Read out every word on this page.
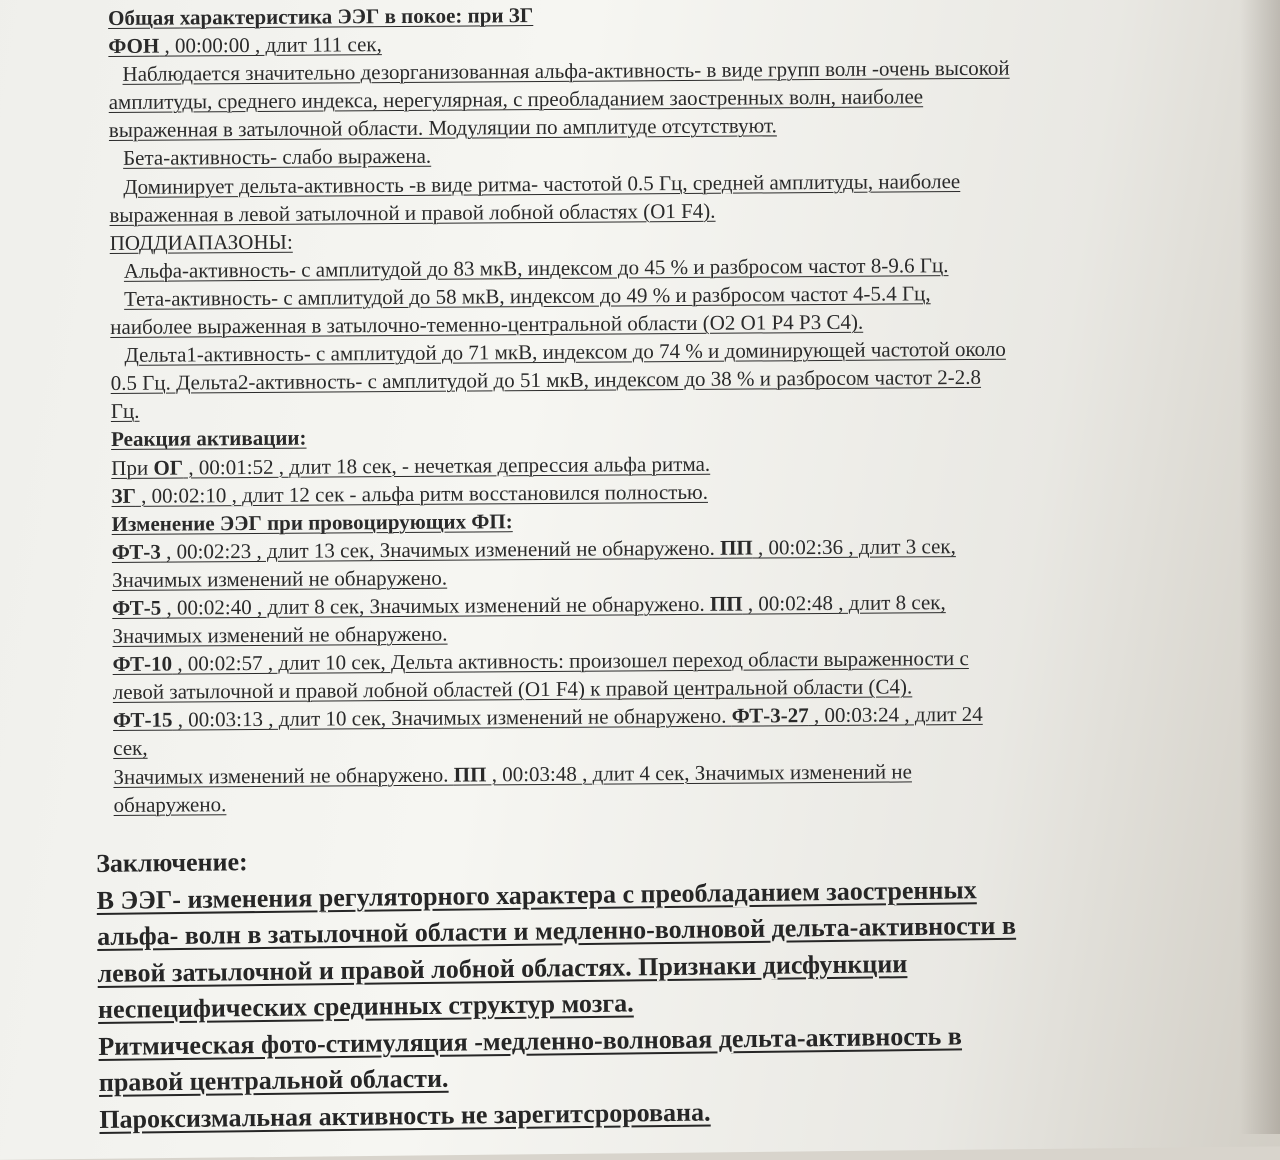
Общая характеристика ЭЭГ в покое: при ЗГ
ФОН , 00:00:00 , длит 111 сек,
Наблюдается значительно дезорганизованная альфа-активность- в виде групп волн -очень высокой
амплитуды, среднего индекса, нерегулярная, с преобладанием заостренных волн, наиболее
выраженная в затылочной области. Модуляции по амплитуде отсутствуют.
Бета-активность- слабо выражена.
Доминирует дельта-активность -в виде ритма- частотой 0.5 Гц, средней амплитуды, наиболее
выраженная в левой затылочной и правой лобной областях (O1 F4).
ПОДДИАПАЗОНЫ:
Альфа-активность- с амплитудой до 83 мкВ, индексом до 45 % и разбросом частот 8-9.6 Гц.
Тета-активность- с амплитудой до 58 мкВ, индексом до 49 % и разбросом частот 4-5.4 Гц,
наиболее выраженная в затылочно-теменно-центральной области (O2 O1 P4 P3 C4).
Дельта1-активность- с амплитудой до 71 мкВ, индексом до 74 % и доминирующей частотой около
0.5 Гц. Дельта2-активность- с амплитудой до 51 мкВ, индексом до 38 % и разбросом частот 2-2.8
Гц.
Реакция активации:
При ОГ , 00:01:52 , длит 18 сек, - нечеткая депрессия альфа ритма.
ЗГ , 00:02:10 , длит 12 сек - альфа ритм восстановился полностью.
Изменение ЭЭГ при провоцирующих ФП:
ФТ-3 , 00:02:23 , длит 13 сек, Значимых изменений не обнаружено. ПП , 00:02:36 , длит 3 сек,
Значимых изменений не обнаружено.
ФТ-5 , 00:02:40 , длит 8 сек, Значимых изменений не обнаружено. ПП , 00:02:48 , длит 8 сек,
Значимых изменений не обнаружено.
ФТ-10 , 00:02:57 , длит 10 сек, Дельта активность: произошел переход области выраженности с
левой затылочной и правой лобной областей (O1 F4) к правой центральной области (C4).
ФТ-15 , 00:03:13 , длит 10 сек, Значимых изменений не обнаружено. ФТ-3-27 , 00:03:24 , длит 24
сек,
Значимых изменений не обнаружено. ПП , 00:03:48 , длит 4 сек, Значимых изменений не
обнаружено.
Заключение:
В ЭЭГ- изменения регуляторного характера с преобладанием заостренных
альфа- волн в затылочной области и медленно-волновой дельта-активности в
левой затылочной и правой лобной областях. Признаки дисфункции
неспецифических срединных структур мозга.
Ритмическая фото-стимуляция -медленно-волновая дельта-активность в
правой центральной области.
Пароксизмальная активность не зарегитсророванa.
